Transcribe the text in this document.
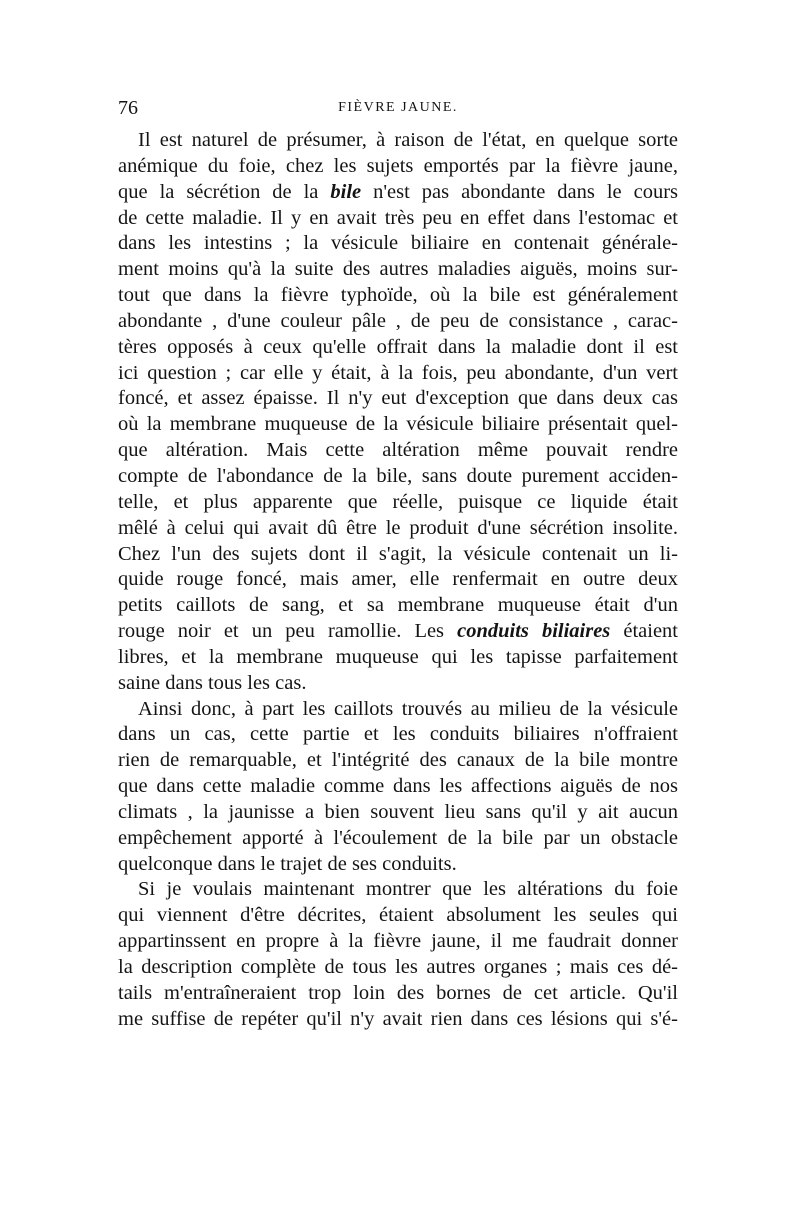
76	FIÈVRE JAUNE.
Il est naturel de présumer, à raison de l'état, en quelque sorte
anémique du foie, chez les sujets emportés par la fièvre jaune,
que la sécrétion de la bile n'est pas abondante dans le cours
de cette maladie. Il y en avait très peu en effet dans l'estomac et
dans les intestins ; la vésicule biliaire en contenait générale-
ment moins qu'à la suite des autres maladies aiguës, moins sur-
tout que dans la fièvre typhoïde, où la bile est généralement
abondante , d'une couleur pâle , de peu de consistance , carac-
tères opposés à ceux qu'elle offrait dans la maladie dont il est
ici question ; car elle y était, à la fois, peu abondante, d'un vert
foncé, et assez épaisse. Il n'y eut d'exception que dans deux cas
où la membrane muqueuse de la vésicule biliaire présentait quel-
que altération. Mais cette altération même pouvait rendre
compte de l'abondance de la bile, sans doute purement acciden-
telle, et plus apparente que réelle, puisque ce liquide était
mêlé à celui qui avait dû être le produit d'une sécrétion insolite.
Chez l'un des sujets dont il s'agit, la vésicule contenait un li-
quide rouge foncé, mais amer, elle renfermait en outre deux
petits caillots de sang, et sa membrane muqueuse était d'un
rouge noir et un peu ramollie. Les conduits biliaires étaient
libres, et la membrane muqueuse qui les tapisse parfaitement
saine dans tous les cas.
Ainsi donc, à part les caillots trouvés au milieu de la vésicule
dans un cas, cette partie et les conduits biliaires n'offraient
rien de remarquable, et l'intégrité des canaux de la bile montre
que dans cette maladie comme dans les affections aiguës de nos
climats , la jaunisse a bien souvent lieu sans qu'il y ait aucun
empêchement apporté à l'écoulement de la bile par un obstacle
quelconque dans le trajet de ses conduits.
Si je voulais maintenant montrer que les altérations du foie
qui viennent d'être décrites, étaient absolument les seules qui
appartinssent en propre à la fièvre jaune, il me faudrait donner
la description complète de tous les autres organes ; mais ces dé-
tails m'entraîneraient trop loin des bornes de cet article. Qu'il
me suffise de repéter qu'il n'y avait rien dans ces lésions qui s'é-
